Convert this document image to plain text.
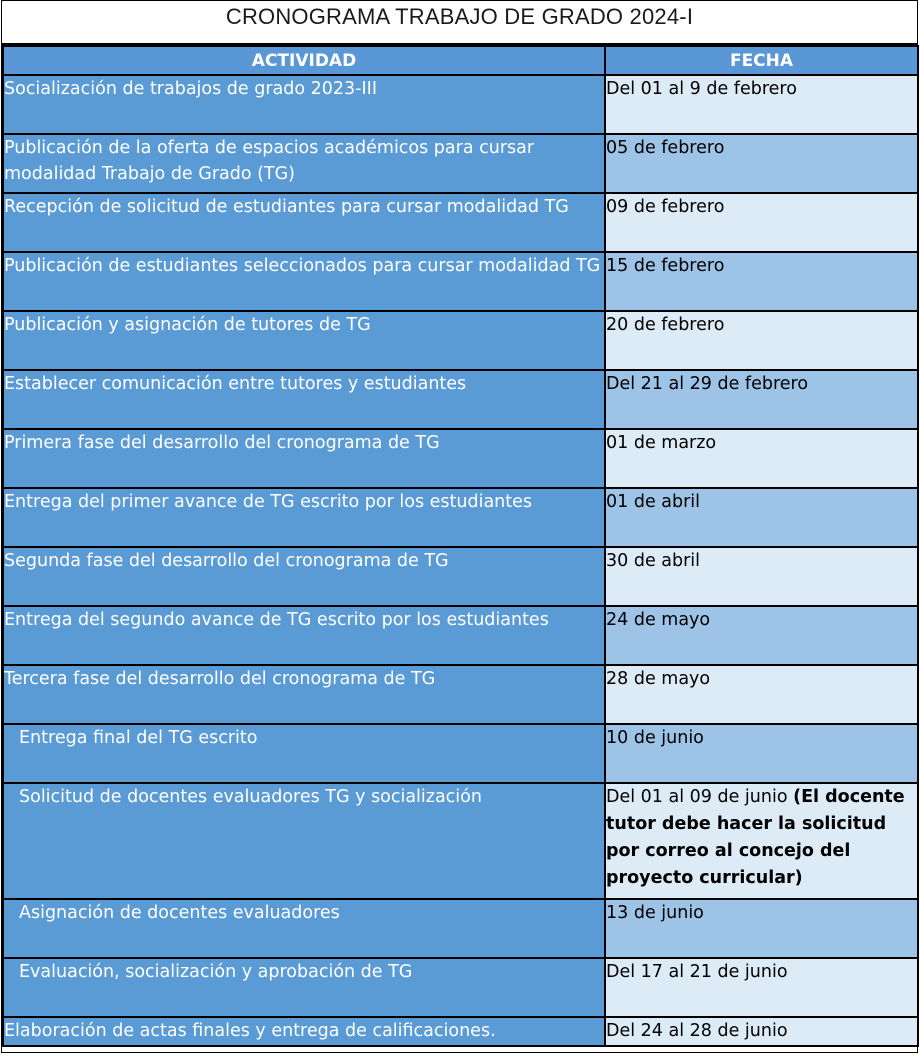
CRONOGRAMA TRABAJO DE GRADO 2024-I
ACTIVIDAD	FECHA
Socialización de trabajos de grado 2023-III	Del 01 al 9 de febrero
Publicación de la oferta de espacios académicos para cursar modalidad Trabajo de Grado (TG)	05 de febrero
Recepción de solicitud de estudiantes para cursar modalidad TG	09 de febrero
Publicación de estudiantes seleccionados para cursar modalidad TG	15 de febrero
Publicación y asignación de tutores de TG	20 de febrero
Establecer comunicación entre tutores y estudiantes	Del 21 al 29 de febrero
Primera fase del desarrollo del cronograma de TG	01 de marzo
Entrega del primer avance de TG escrito por los estudiantes	01 de abril
Segunda fase del desarrollo del cronograma de TG	30 de abril
Entrega del segundo avance de TG escrito por los estudiantes	24 de mayo
Tercera fase del desarrollo del cronograma de TG	28 de mayo
Entrega final del TG escrito	10 de junio
Solicitud de docentes evaluadores TG y socialización	Del 01 al 09 de junio (El docente tutor debe hacer la solicitud por correo al concejo del proyecto curricular)
Asignación de docentes evaluadores	13 de junio
Evaluación, socialización y aprobación de TG	Del 17 al 21 de junio
Elaboración de actas finales y entrega de calificaciones.	Del 24 al 28 de junio
